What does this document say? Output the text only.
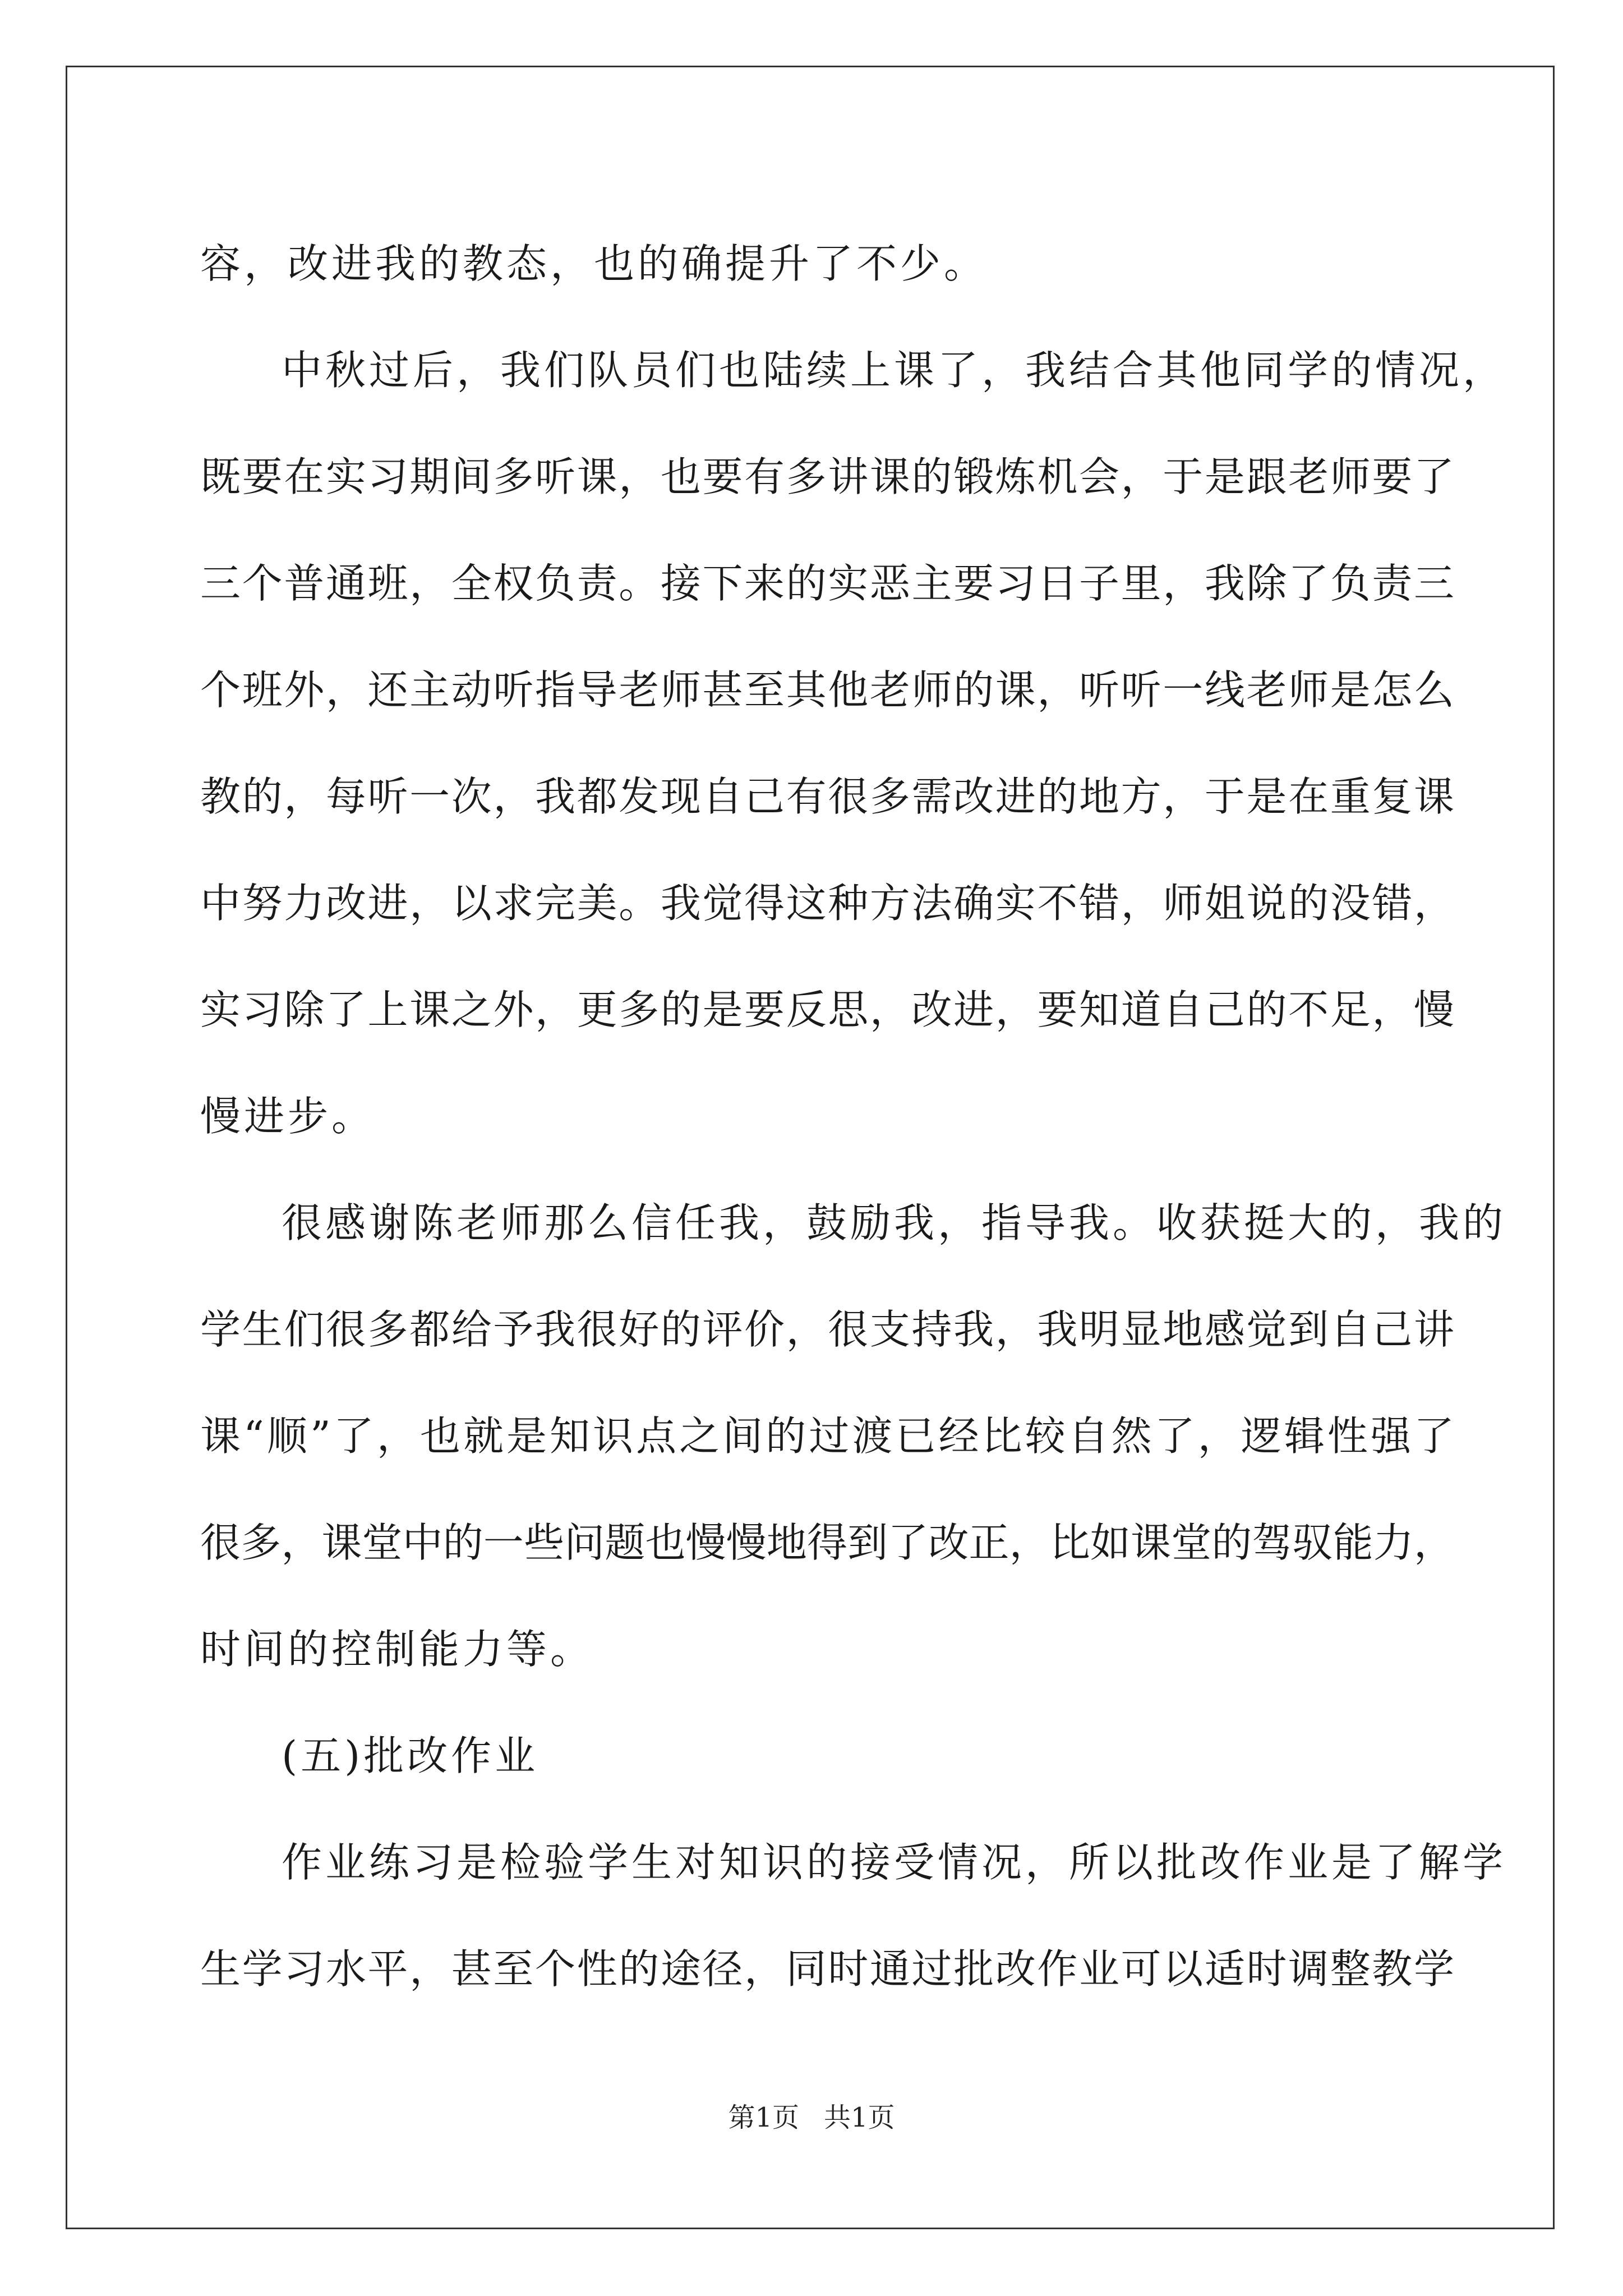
容，改进我的教态，也的确提升了不少。
中秋过后，我们队员们也陆续上课了，我结合其他同学的情况，
既要在实习期间多听课，也要有多讲课的锻炼机会，于是跟老师要了
三个普通班，全权负责。接下来的实恶主要习日子里，我除了负责三
个班外，还主动听指导老师甚至其他老师的课，听听一线老师是怎么
教的，每听一次，我都发现自己有很多需改进的地方，于是在重复课
中努力改进，以求完美。我觉得这种方法确实不错，师姐说的没错，
实习除了上课之外，更多的是要反思，改进，要知道自己的不足，慢
慢进步。
很感谢陈老师那么信任我，鼓励我，指导我。收获挺大的，我的
学生们很多都给予我很好的评价，很支持我，我明显地感觉到自己讲
课“顺”了，也就是知识点之间的过渡已经比较自然了，逻辑性强了
很多，课堂中的一些问题也慢慢地得到了改正，比如课堂的驾驭能力，
时间的控制能力等。
(五)批改作业
作业练习是检验学生对知识的接受情况，所以批改作业是了解学
生学习水平，甚至个性的途径，同时通过批改作业可以适时调整教学
第1页 共1页
